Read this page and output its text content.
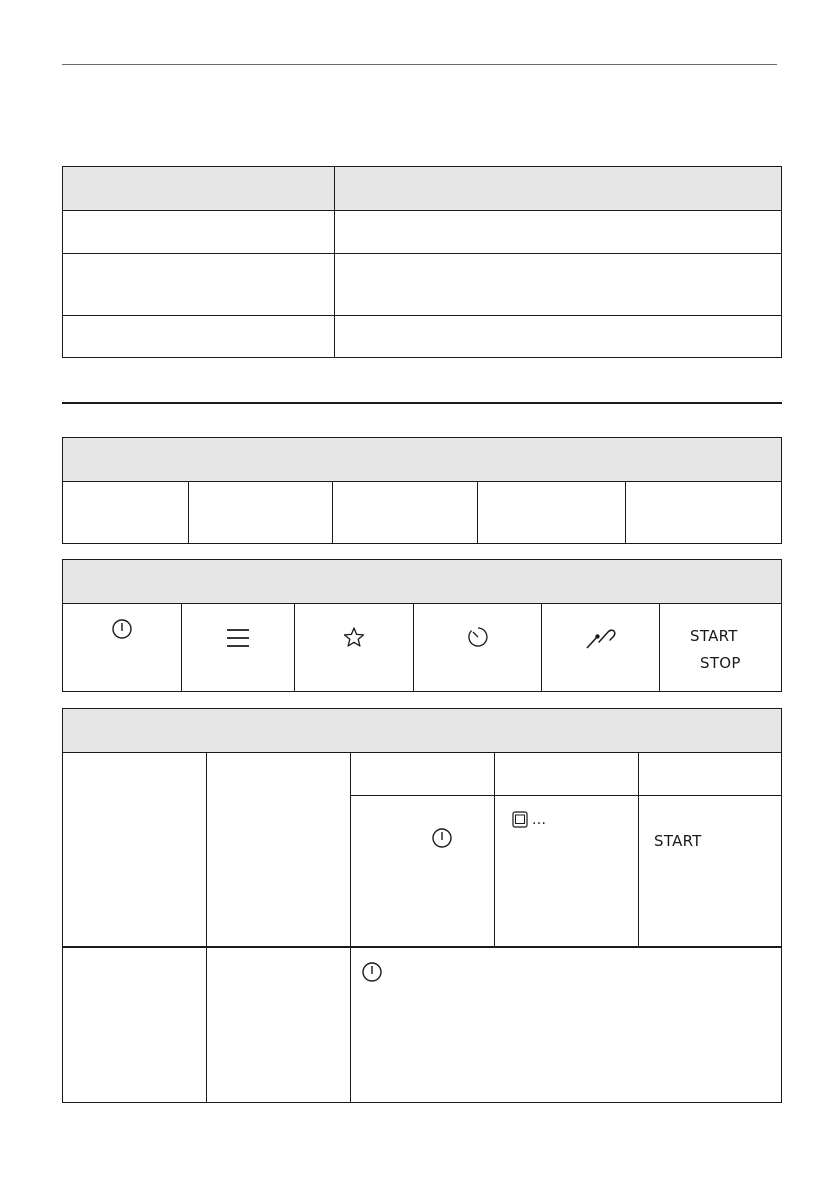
START
STOP
...
START
